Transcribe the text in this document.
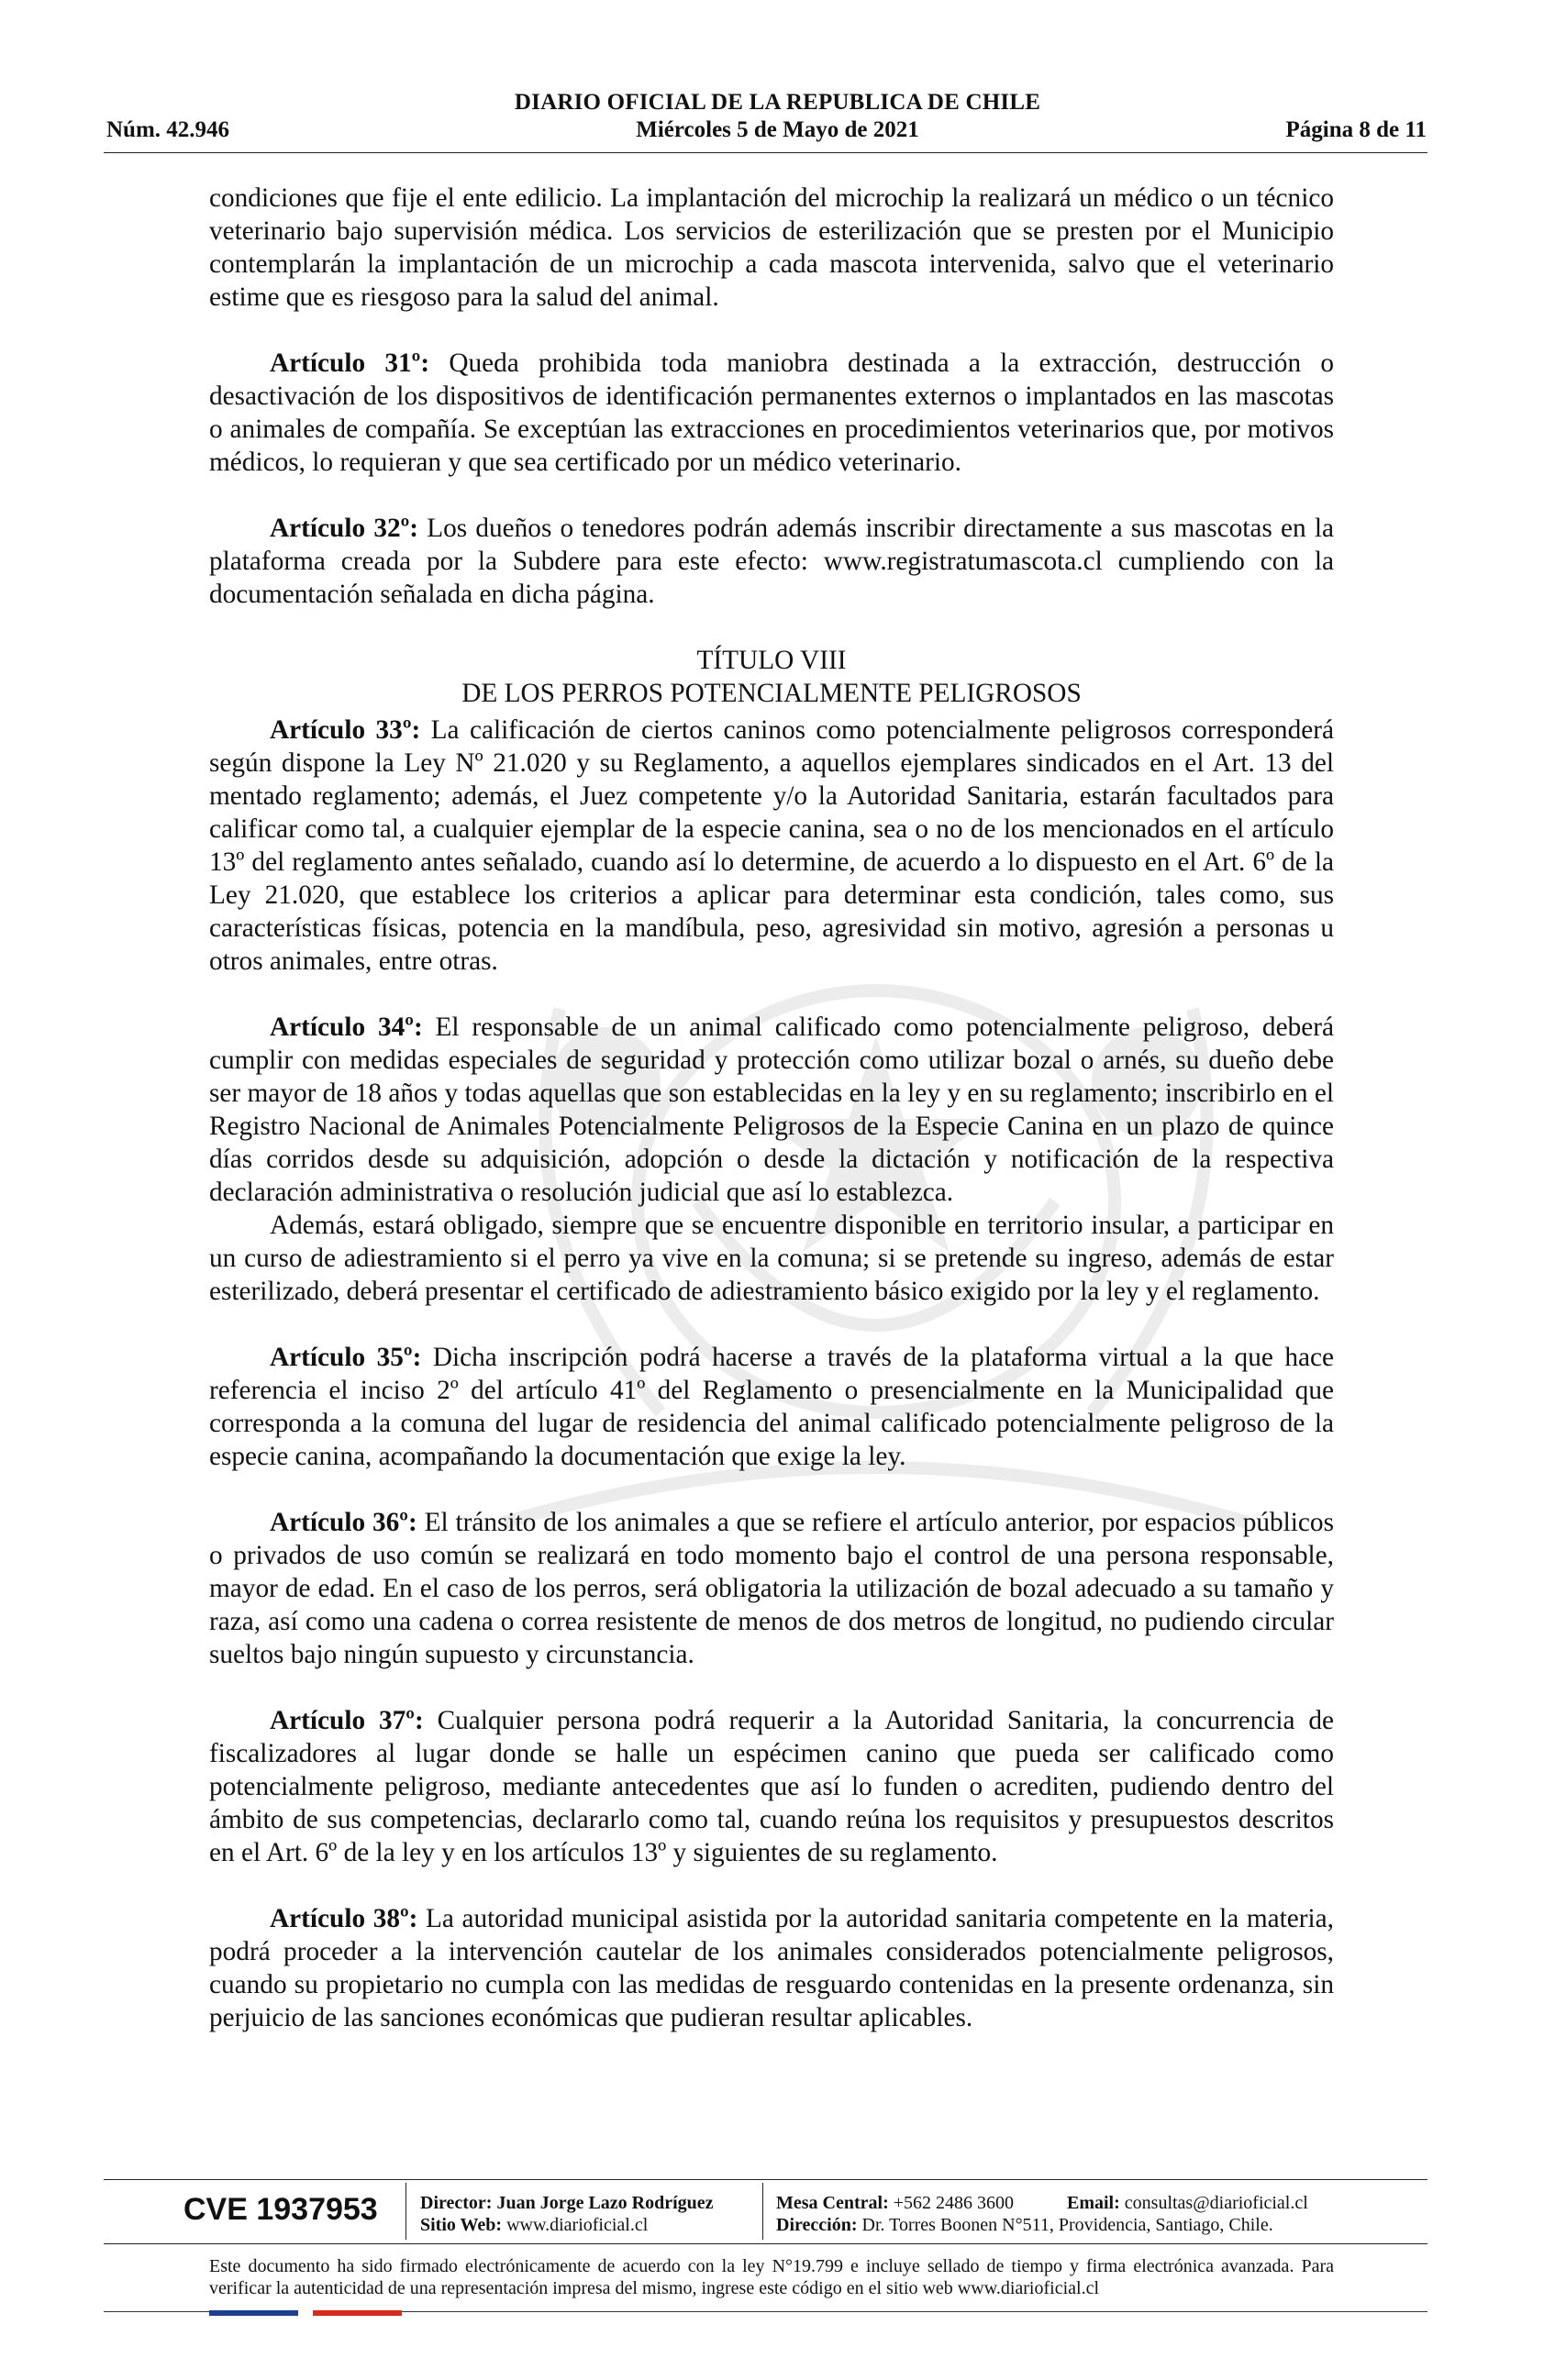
DIARIO OFICIAL DE LA REPUBLICA DE CHILE
Núm. 42.946	Miércoles 5 de Mayo de 2021	Página 8 de 11

condiciones que fije el ente edilicio. La implantación del microchip la realizará un médico o un técnico veterinario bajo supervisión médica. Los servicios de esterilización que se presten por el Municipio contemplarán la implantación de un microchip a cada mascota intervenida, salvo que el veterinario estime que es riesgoso para la salud del animal.

Artículo 31º: Queda prohibida toda maniobra destinada a la extracción, destrucción o desactivación de los dispositivos de identificación permanentes externos o implantados en las mascotas o animales de compañía. Se exceptúan las extracciones en procedimientos veterinarios que, por motivos médicos, lo requieran y que sea certificado por un médico veterinario.

Artículo 32º: Los dueños o tenedores podrán además inscribir directamente a sus mascotas en la plataforma creada por la Subdere para este efecto: www.registratumascota.cl cumpliendo con la documentación señalada en dicha página.

TÍTULO VIII
DE LOS PERROS POTENCIALMENTE PELIGROSOS

Artículo 33º: La calificación de ciertos caninos como potencialmente peligrosos corresponderá según dispone la Ley Nº 21.020 y su Reglamento, a aquellos ejemplares sindicados en el Art. 13 del mentado reglamento; además, el Juez competente y/o la Autoridad Sanitaria, estarán facultados para calificar como tal, a cualquier ejemplar de la especie canina, sea o no de los mencionados en el artículo 13º del reglamento antes señalado, cuando así lo determine, de acuerdo a lo dispuesto en el Art. 6º de la Ley 21.020, que establece los criterios a aplicar para determinar esta condición, tales como, sus características físicas, potencia en la mandíbula, peso, agresividad sin motivo, agresión a personas u otros animales, entre otras.

Artículo 34º: El responsable de un animal calificado como potencialmente peligroso, deberá cumplir con medidas especiales de seguridad y protección como utilizar bozal o arnés, su dueño debe ser mayor de 18 años y todas aquellas que son establecidas en la ley y en su reglamento; inscribirlo en el Registro Nacional de Animales Potencialmente Peligrosos de la Especie Canina en un plazo de quince días corridos desde su adquisición, adopción o desde la dictación y notificación de la respectiva declaración administrativa o resolución judicial que así lo establezca.

Además, estará obligado, siempre que se encuentre disponible en territorio insular, a participar en un curso de adiestramiento si el perro ya vive en la comuna; si se pretende su ingreso, además de estar esterilizado, deberá presentar el certificado de adiestramiento básico exigido por la ley y el reglamento.

Artículo 35º: Dicha inscripción podrá hacerse a través de la plataforma virtual a la que hace referencia el inciso 2º del artículo 41º del Reglamento o presencialmente en la Municipalidad que corresponda a la comuna del lugar de residencia del animal calificado potencialmente peligroso de la especie canina, acompañando la documentación que exige la ley.

Artículo 36º: El tránsito de los animales a que se refiere el artículo anterior, por espacios públicos o privados de uso común se realizará en todo momento bajo el control de una persona responsable, mayor de edad. En el caso de los perros, será obligatoria la utilización de bozal adecuado a su tamaño y raza, así como una cadena o correa resistente de menos de dos metros de longitud, no pudiendo circular sueltos bajo ningún supuesto y circunstancia.

Artículo 37º: Cualquier persona podrá requerir a la Autoridad Sanitaria, la concurrencia de fiscalizadores al lugar donde se halle un espécimen canino que pueda ser calificado como potencialmente peligroso, mediante antecedentes que así lo funden o acrediten, pudiendo dentro del ámbito de sus competencias, declararlo como tal, cuando reúna los requisitos y presupuestos descritos en el Art. 6º de la ley y en los artículos 13º y siguientes de su reglamento.

Artículo 38º: La autoridad municipal asistida por la autoridad sanitaria competente en la materia, podrá proceder a la intervención cautelar de los animales considerados potencialmente peligrosos, cuando su propietario no cumpla con las medidas de resguardo contenidas en la presente ordenanza, sin perjuicio de las sanciones económicas que pudieran resultar aplicables.

CVE 1937953 Director: Juan Jorge Lazo Rodríguez
Sitio Web: www.diarioficial.cl
Mesa Central: +562 2486 3600	Email: consultas@diarioficial.cl
Dirección: Dr. Torres Boonen N°511, Providencia, Santiago, Chile.
Este documento ha sido firmado electrónicamente de acuerdo con la ley N°19.799 e incluye sellado de tiempo y firma electrónica avanzada. Para verificar la autenticidad de una representación impresa del mismo, ingrese este código en el sitio web www.diarioficial.cl
